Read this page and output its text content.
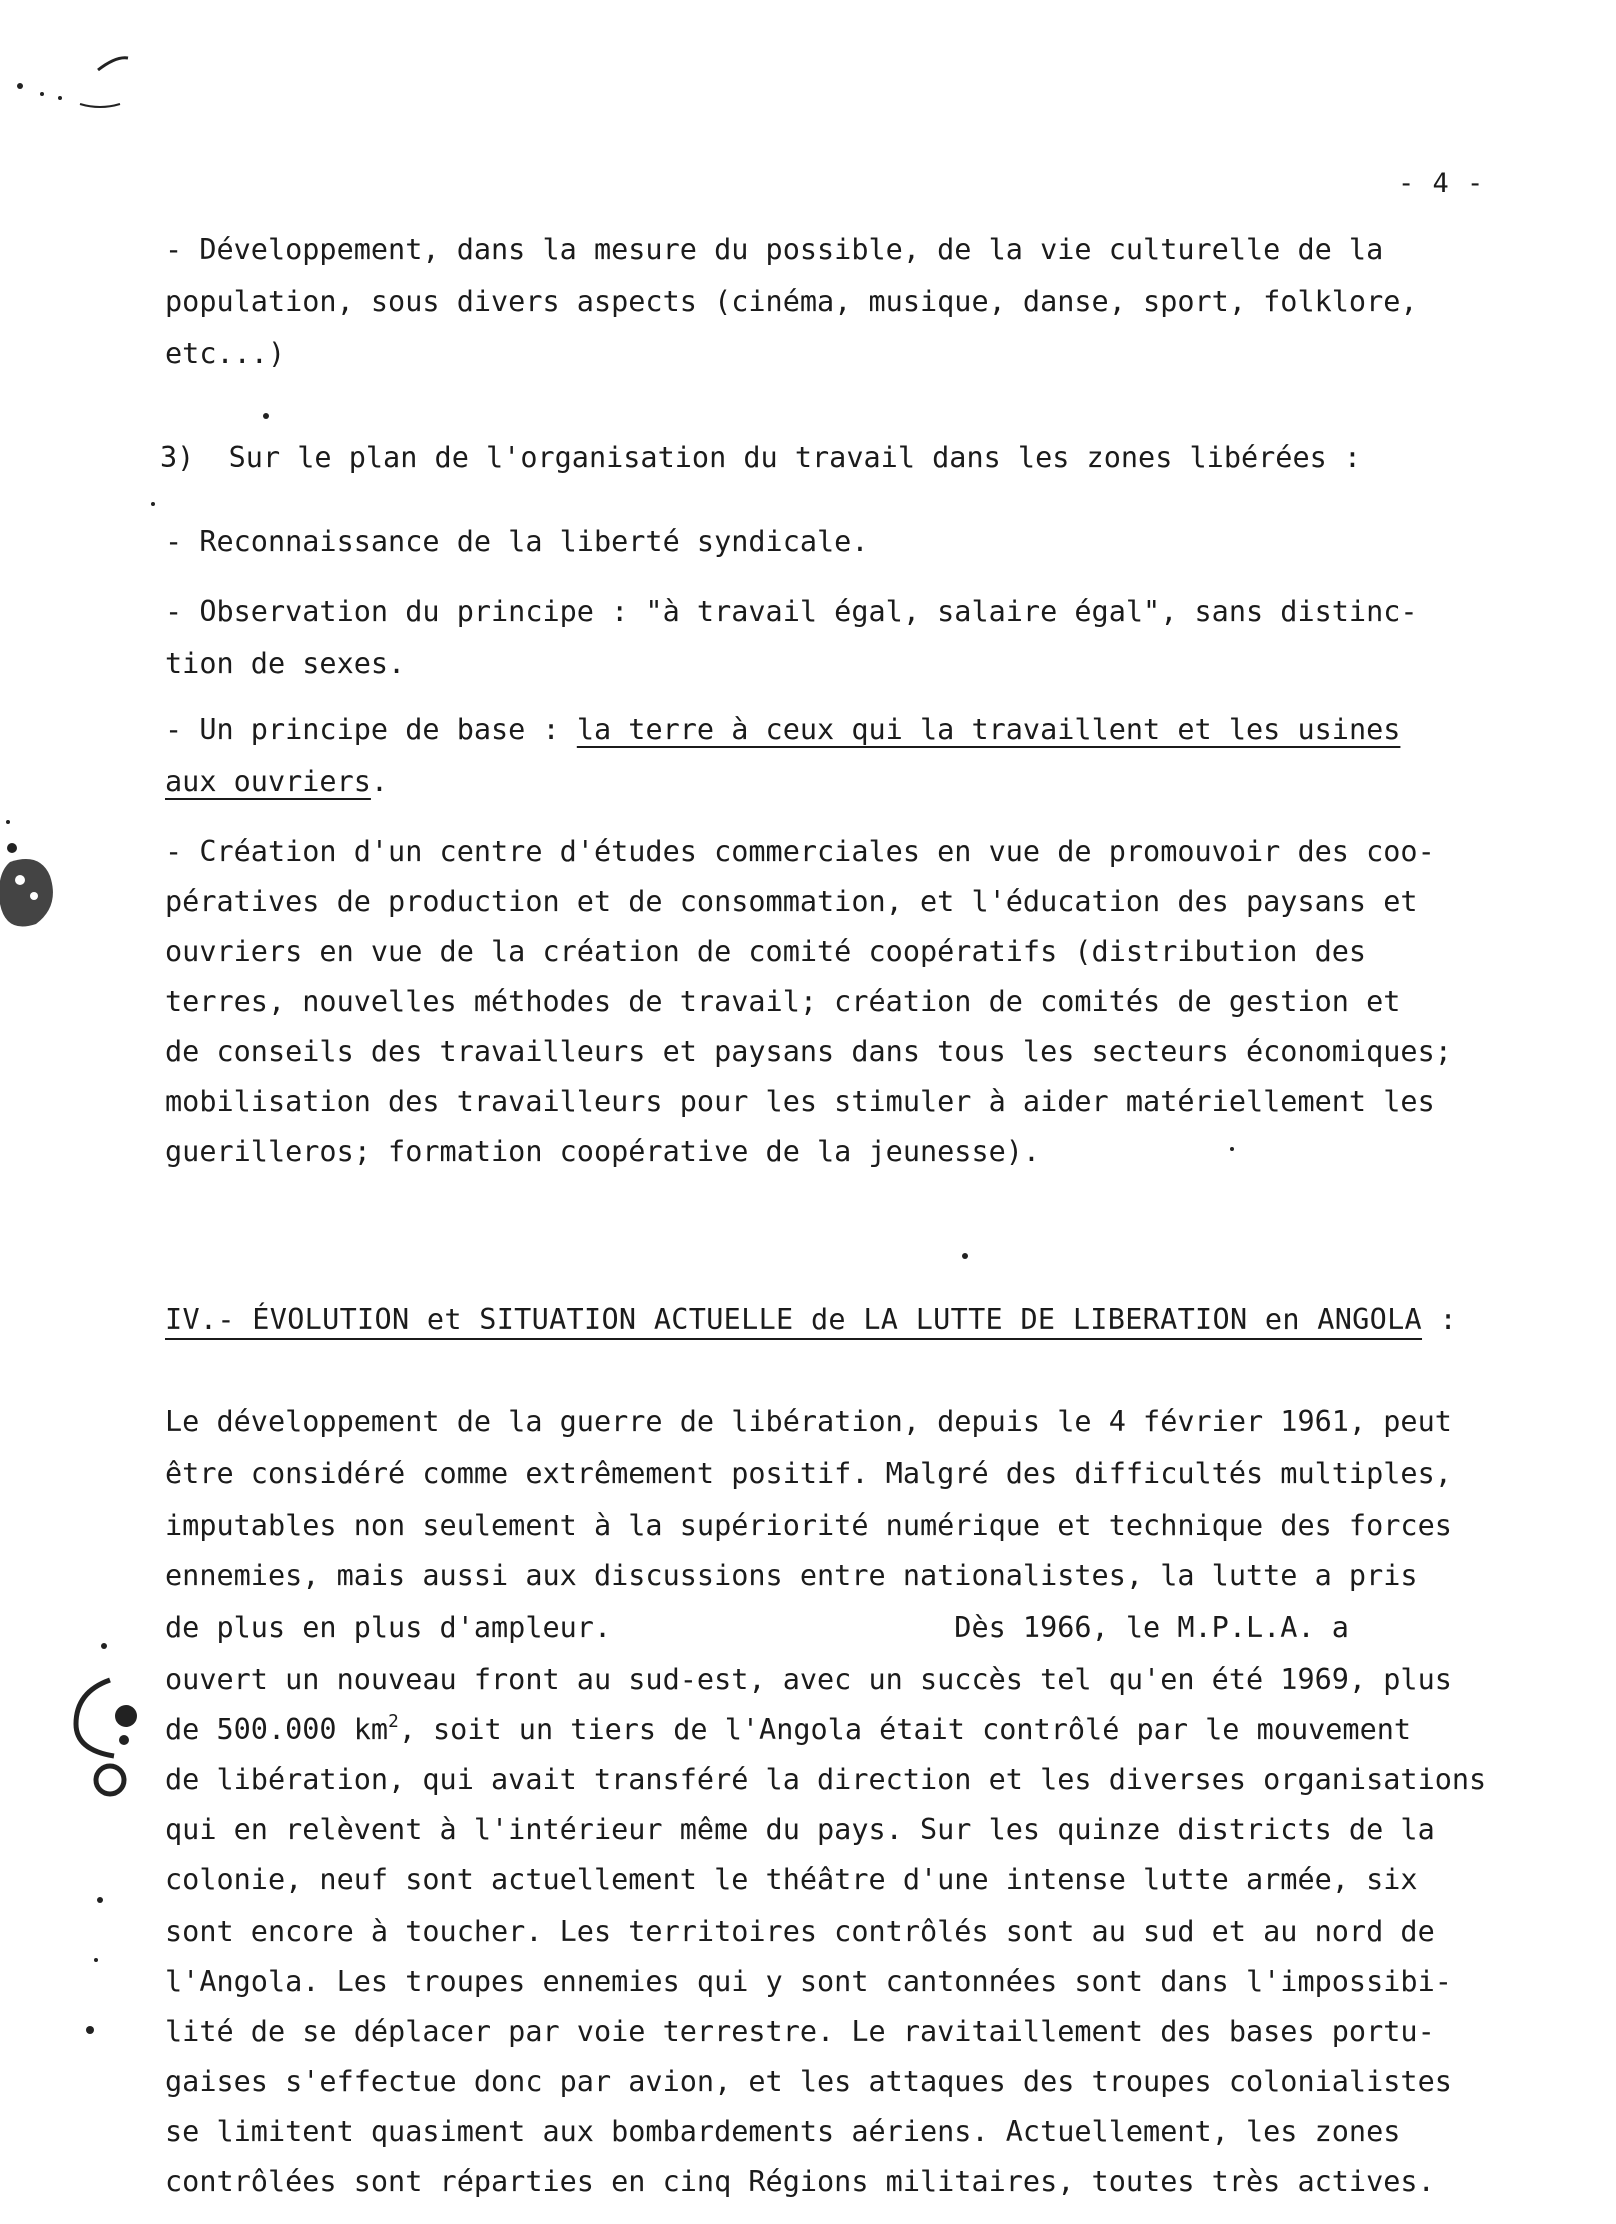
- 4 -
- Développement, dans la mesure du possible, de la vie culturelle de la
population, sous divers aspects (cinéma, musique, danse, sport, folklore,
etc...)
3)  Sur le plan de l'organisation du travail dans les zones libérées :
- Reconnaissance de la liberté syndicale.
- Observation du principe : "à travail égal, salaire égal", sans distinc-
tion de sexes.
- Un principe de base : la terre à ceux qui la travaillent et les usines
aux ouvriers.
- Création d'un centre d'études commerciales en vue de promouvoir des coo-
pératives de production et de consommation, et l'éducation des paysans et
ouvriers en vue de la création de comité coopératifs (distribution des
terres, nouvelles méthodes de travail; création de comités de gestion et
de conseils des travailleurs et paysans dans tous les secteurs économiques;
mobilisation des travailleurs pour les stimuler à aider matériellement les
guerilleros; formation coopérative de la jeunesse).
IV.- ÉVOLUTION et SITUATION ACTUELLE de LA LUTTE DE LIBERATION en ANGOLA :
Le développement de la guerre de libération, depuis le 4 février 1961, peut
être considéré comme extrêmement positif. Malgré des difficultés multiples,
imputables non seulement à la supériorité numérique et technique des forces
ennemies, mais aussi aux discussions entre nationalistes, la lutte a pris
de plus en plus d'ampleur.                    Dès 1966, le M.P.L.A. a
ouvert un nouveau front au sud-est, avec un succès tel qu'en été 1969, plus
de 500.000 $km^2$, soit un tiers de l'Angola était contrôlé par le mouvement
de libération, qui avait transféré la direction et les diverses organisations
qui en relèvent à l'intérieur même du pays. Sur les quinze districts de la
colonie, neuf sont actuellement le théâtre d'une intense lutte armée, six
sont encore à toucher. Les territoires contrôlés sont au sud et au nord de
l'Angola. Les troupes ennemies qui y sont cantonnées sont dans l'impossibi-
lité de se déplacer par voie terrestre. Le ravitaillement des bases portu-
gaises s'effectue donc par avion, et les attaques des troupes colonialistes
se limitent quasiment aux bombardements aériens. Actuellement, les zones
contrôlées sont réparties en cinq Régions militaires, toutes très actives.
